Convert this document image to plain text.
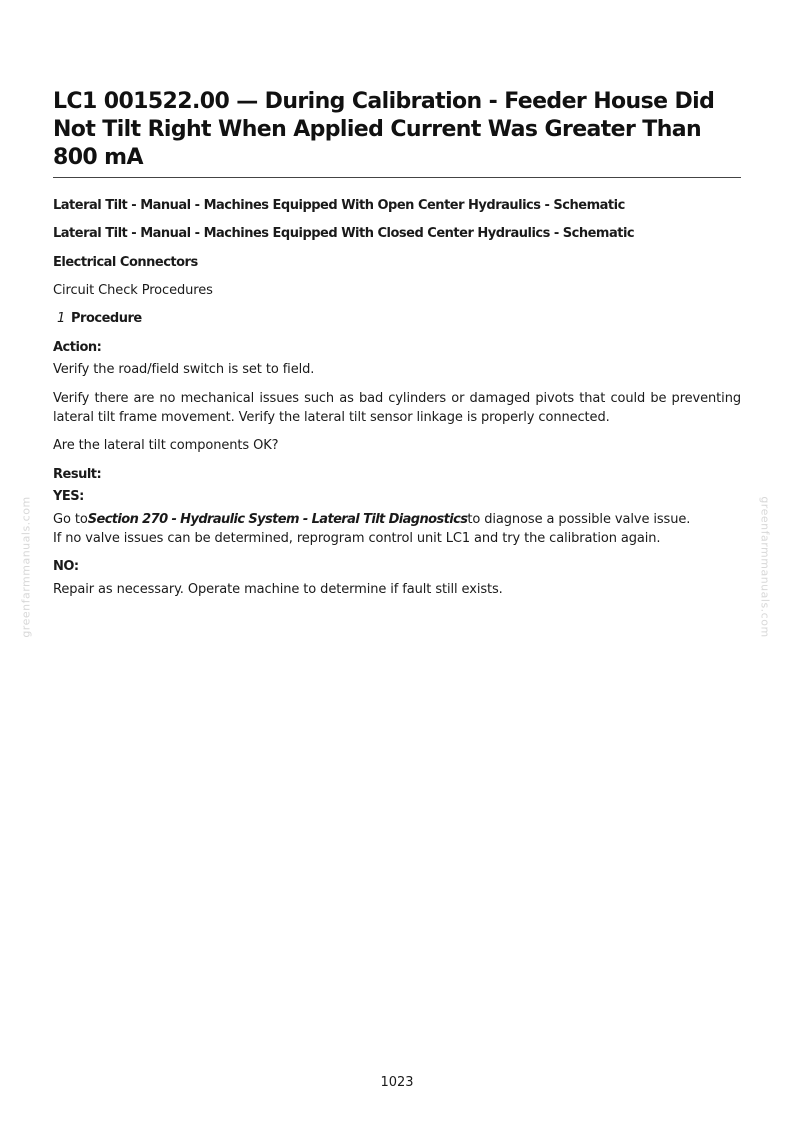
greenfarmmanuals.com	greenfarmmanuals.com
LC1 001522.00 — During Calibration - Feeder House Did Not Tilt Right When Applied Current Was Greater Than 800 mA
Lateral Tilt - Manual - Machines Equipped With Open Center Hydraulics - Schematic
Lateral Tilt - Manual - Machines Equipped With Closed Center Hydraulics - Schematic
Electrical Connectors
Circuit Check Procedures
1 Procedure
Action:

Verify the road/field switch is set to field.

Verify there are no mechanical issues such as bad cylinders or damaged pivots that could be preventing lateral tilt frame movement. Verify the lateral tilt sensor linkage is properly connected.

Are the lateral tilt components OK?

Result:
YES:
Go toSection 270 - Hydraulic System - Lateral Tilt Diagnosticsto diagnose a possible valve issue.
If no valve issues can be determined, reprogram control unit LC1 and try the calibration again.
NO:
Repair as necessary. Operate machine to determine if fault still exists.
1023
